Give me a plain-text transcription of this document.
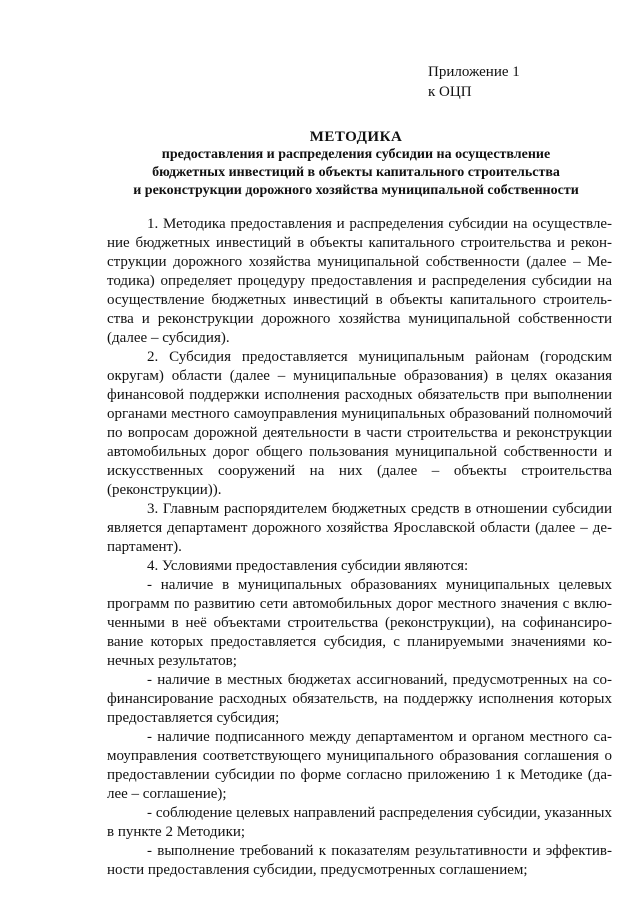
Приложение 1
к ОЦП
МЕТОДИКА
предоставления и распределения субсидии на осуществление
бюджетных инвестиций в объекты капитального строительства
и реконструкции дорожного хозяйства муниципальной собственности

1. Методика предоставления и распределения субсидии на осуществление бюджетных инвестиций в объекты капитального строительства и реконструкции дорожного хозяйства муниципальной собственности (далее – Методика) определяет процедуру предоставления и распределения субсидии на осуществление бюджетных инвестиций в объекты капитального строительства и реконструкции дорожного хозяйства муниципальной собственности (далее – субсидия).

2. Субсидия предоставляется муниципальным районам (городским округам) области (далее – муниципальные образования) в целях оказания финансовой поддержки исполнения расходных обязательств при выполнении органами местного самоуправления муниципальных образований полномочий по вопросам дорожной деятельности в части строительства и реконструкции автомобильных дорог общего пользования муниципальной собственности и искусственных сооружений на них (далее – объекты строительства (реконструкции)).

3. Главным распорядителем бюджетных средств в отношении субсидии является департамент дорожного хозяйства Ярославской области (далее – департамент).

4. Условиями предоставления субсидии являются:

- наличие в муниципальных образованиях муниципальных целевых программ по развитию сети автомобильных дорог местного значения с включенными в неё объектами строительства (реконструкции), на софинансирование которых предоставляется субсидия, с планируемыми значениями конечных результатов;

- наличие в местных бюджетах ассигнований, предусмотренных на софинансирование расходных обязательств, на поддержку исполнения которых предоставляется субсидия;

- наличие подписанного между департаментом и органом местного самоуправления соответствующего муниципального образования соглашения о предоставлении субсидии по форме согласно приложению 1 к Методике (далее – соглашение);

- соблюдение целевых направлений распределения субсидии, указанных в пункте 2 Методики;

- выполнение требований к показателям результативности и эффективности предоставления субсидии, предусмотренных соглашением;
